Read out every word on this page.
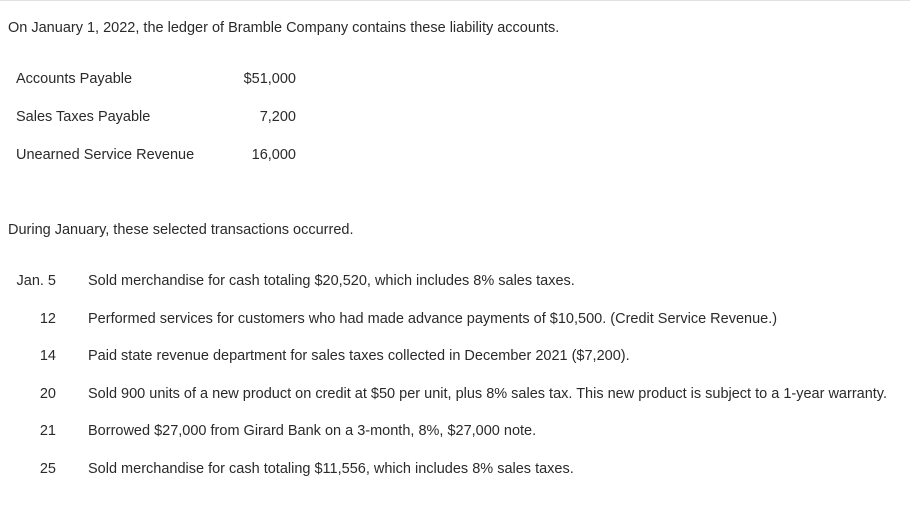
On January 1, 2022, the ledger of Bramble Company contains these liability accounts.

Accounts Payable	$51,000
Sales Taxes Payable	7,200
Unearned Service Revenue	16,000

During January, these selected transactions occurred.

Jan. 5 Sold merchandise for cash totaling $20,520, which includes 8% sales taxes.
12 Performed services for customers who had made advance payments of $10,500. (Credit Service Revenue.)
14 Paid state revenue department for sales taxes collected in December 2021 ($7,200).
20 Sold 900 units of a new product on credit at $50 per unit, plus 8% sales tax. This new product is subject to a 1-year warranty.
21 Borrowed $27,000 from Girard Bank on a 3-month, 8%, $27,000 note.
25 Sold merchandise for cash totaling $11,556, which includes 8% sales taxes.
